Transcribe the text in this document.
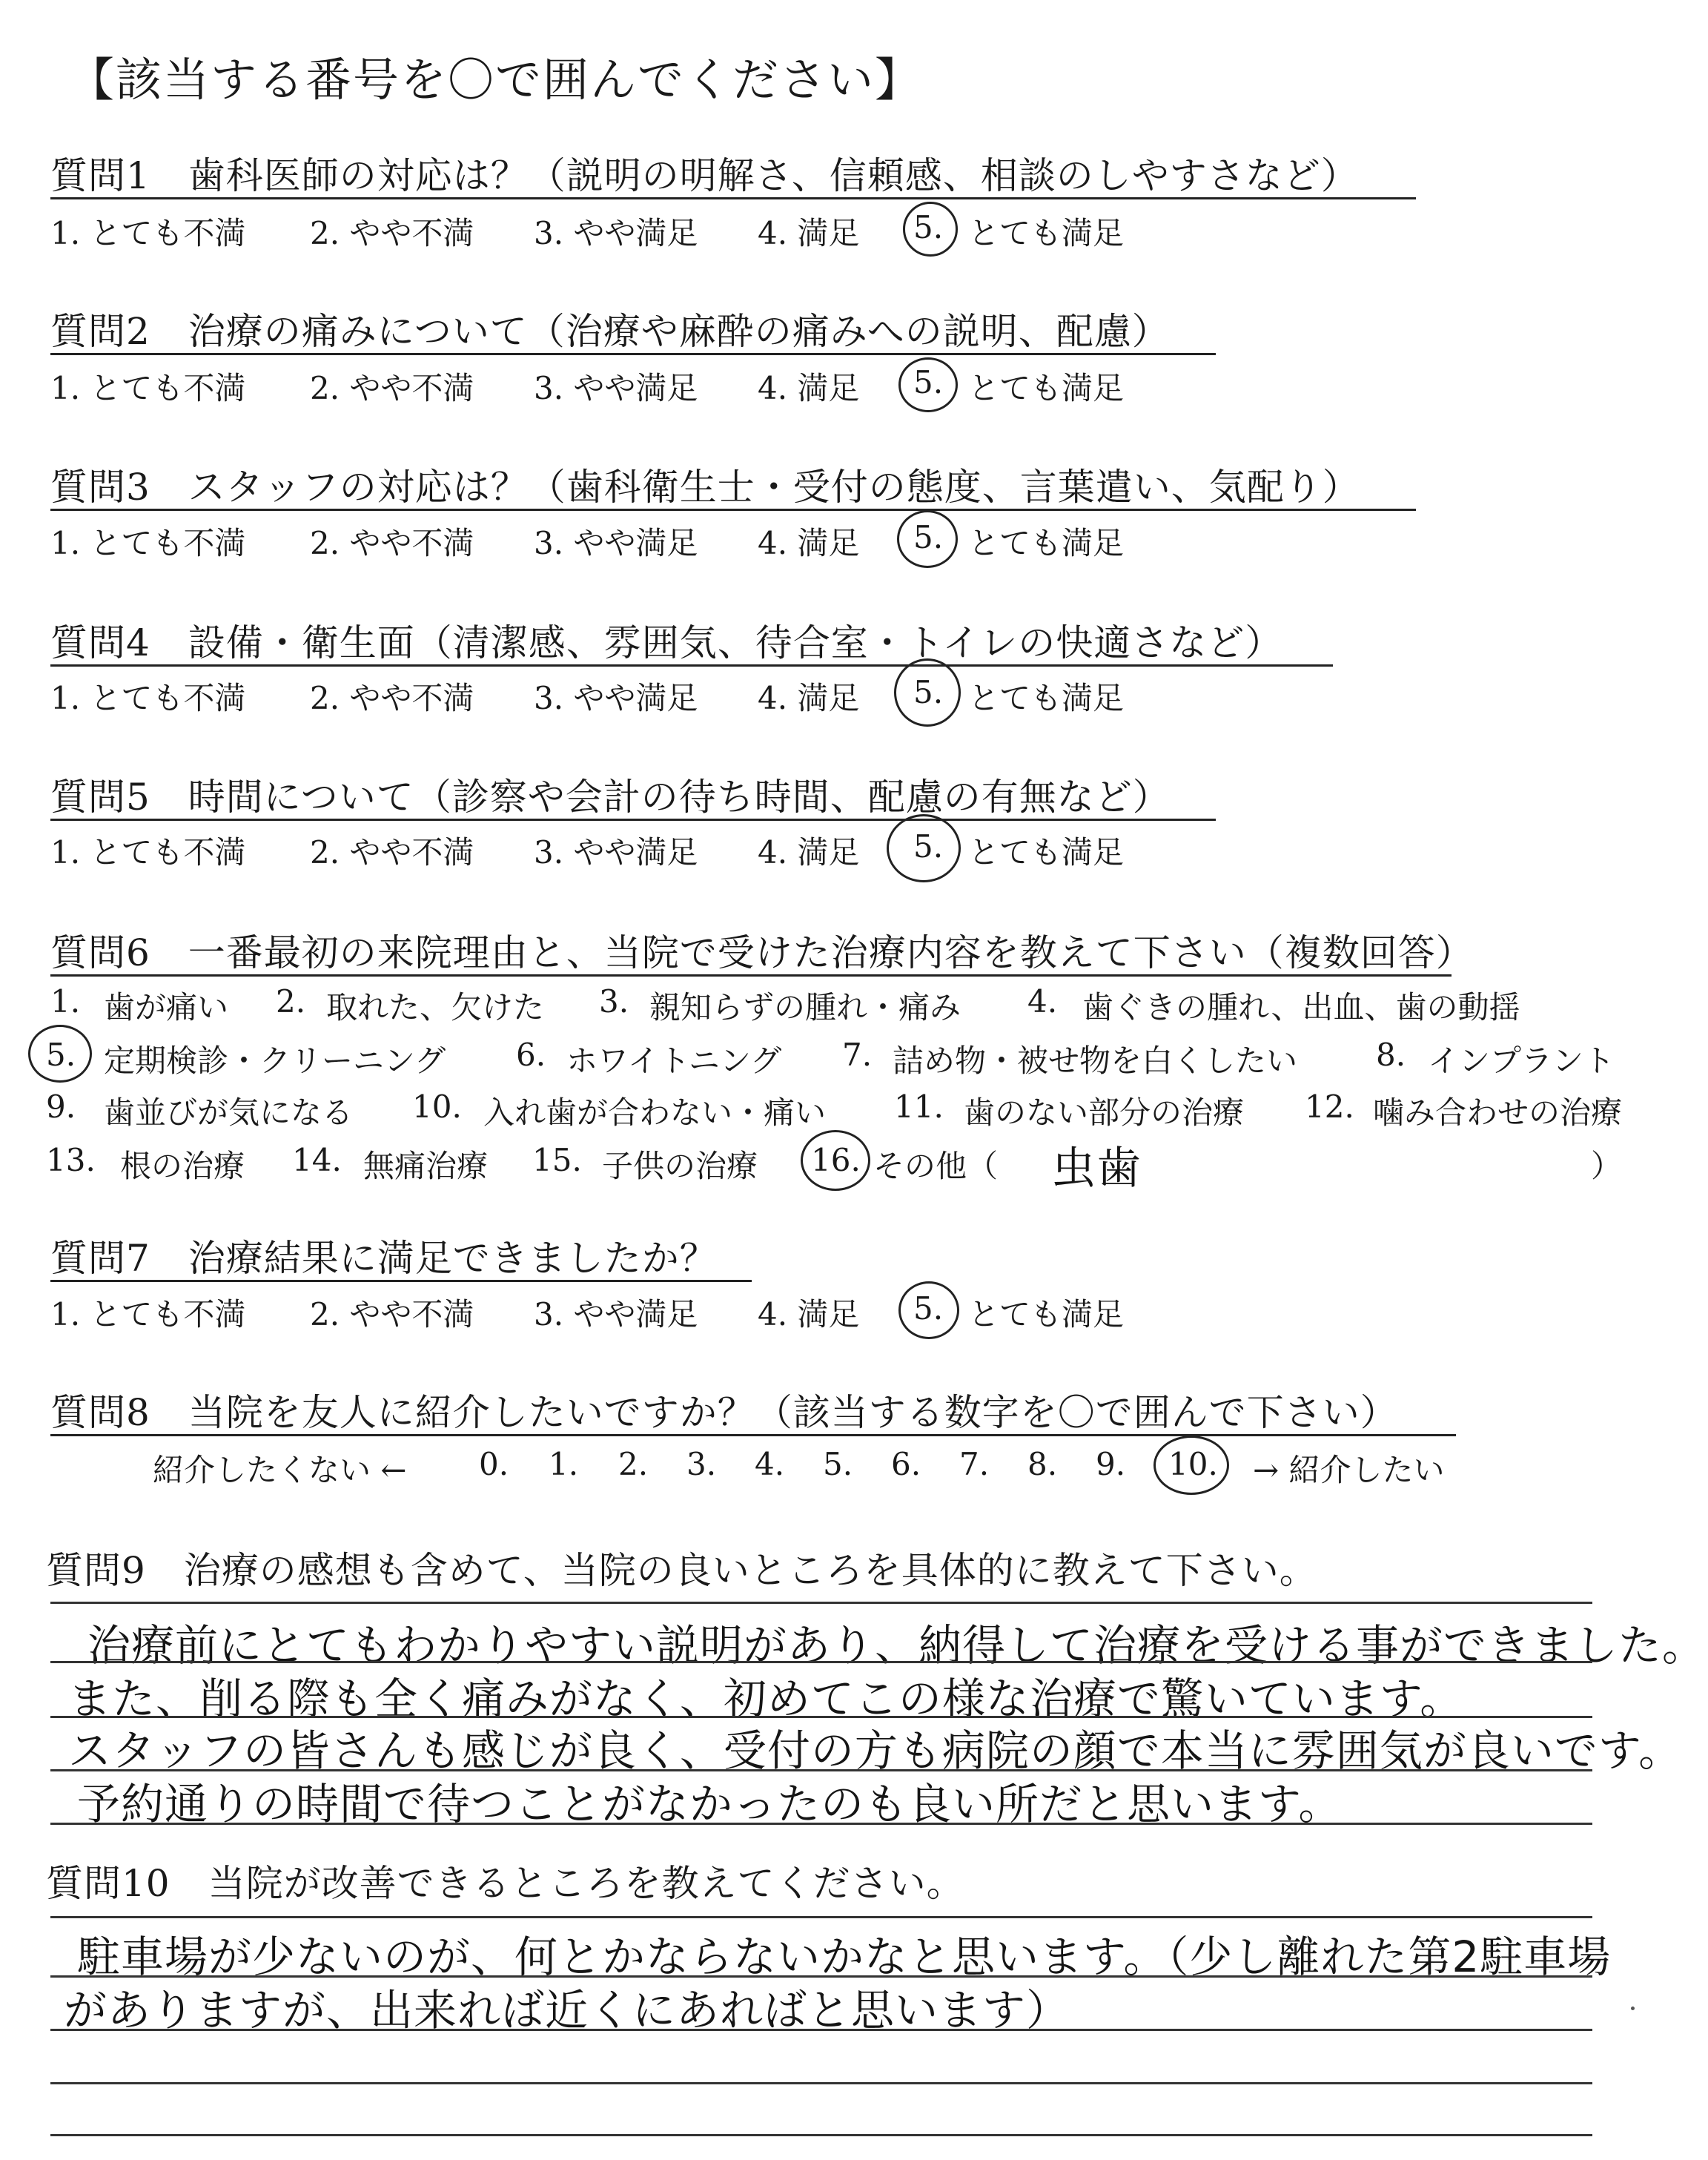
【該当する番号を〇で囲んでください】
質問1　歯科医師の対応は？（説明の明解さ、信頼感、相談のしやすさなど）
1. とても不満 2. やや不満 3. やや満足 4. 満足 5. とても満足
質問2　治療の痛みについて（治療や麻酔の痛みへの説明、配慮）
1. とても不満 2. やや不満 3. やや満足 4. 満足 5. とても満足
質問3　スタッフの対応は？（歯科衛生士・受付の態度、言葉遣い、気配り）
1. とても不満 2. やや不満 3. やや満足 4. 満足 5. とても満足
質問4　設備・衛生面（清潔感、雰囲気、待合室・トイレの快適さなど）
1. とても不満 2. やや不満 3. やや満足 4. 満足 5. とても満足
質問5　時間について（診察や会計の待ち時間、配慮の有無など）
1. とても不満 2. やや不満 3. やや満足 4. 満足 5. とても満足
質問6　一番最初の来院理由と、当院で受けた治療内容を教えて下さい（複数回答）
1. 歯が痛い 2. 取れた、欠けた 3. 親知らずの腫れ・痛み 4. 歯ぐきの腫れ、出血、歯の動揺
5. 定期検診・クリーニング 6. ホワイトニング 7. 詰め物・被せ物を白くしたい	8. インプラント
9. 歯並びが気になる 10. 入れ歯が合わない・痛い 11. 歯のない部分の治療 12. 噛み合わせの治療
13. 根の治療 14. 無痛治療 15. 子供の治療 16. その他（ 虫歯	）
質問7　治療結果に満足できましたか？
1. とても不満 2. やや不満 3. やや満足 4. 満足 5. とても満足
質問8　当院を友人に紹介したいですか？（該当する数字を〇で囲んで下さい）
紹介したくない ← 0. 1. 2. 3. 4. 5. 6. 7. 8. 9. 10. → 紹介したい
質問9　治療の感想も含めて、当院の良いところを具体的に教えて下さい。
治療前にとてもわかりやすい説明があり、納得して治療を受ける事ができました。
また、削る際も全く痛みがなく、初めてこの様な治療で驚いています。
スタッフの皆さんも感じが良く、受付の方も病院の顔で本当に雰囲気が良いです。
予約通りの時間で待つことがなかったのも良い所だと思います。
質問10　当院が改善できるところを教えてください。
駐車場が少ないのが、何とかならないかなと思います。（少し離れた第2駐車場
がありますが、出来れば近くにあればと思います）
